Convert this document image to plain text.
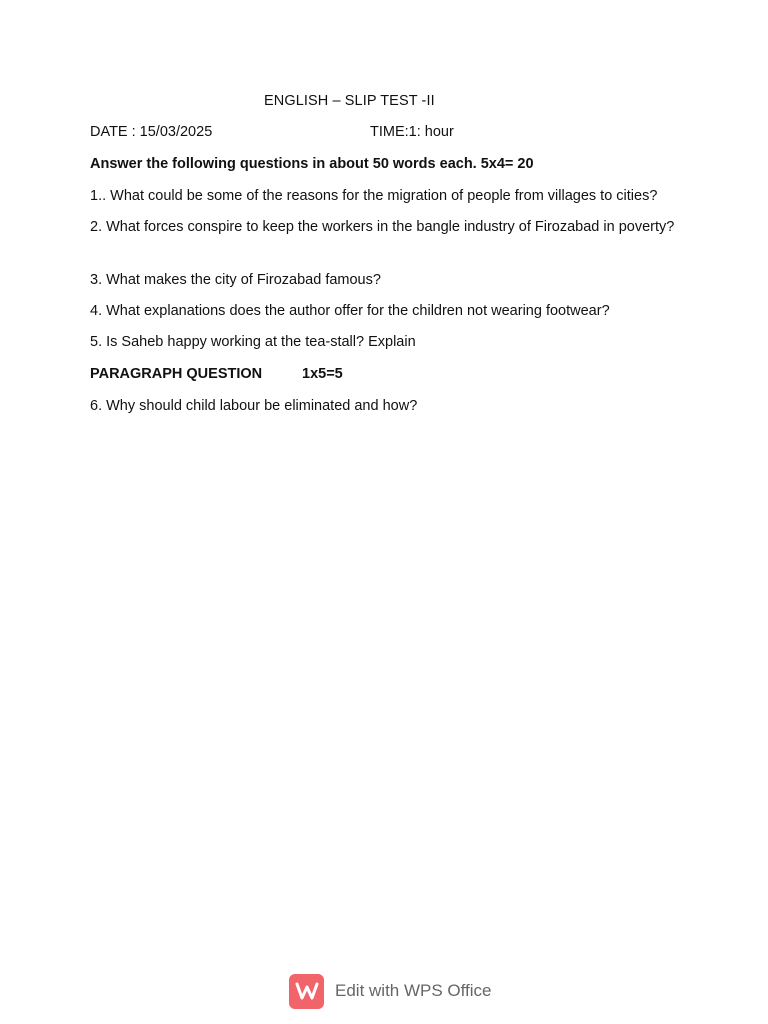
ENGLISH – SLIP TEST -II
DATE : 15/03/2025	TIME:1: hour
Answer the following questions in about 50 words each. 5x4= 20
1.. What could be some of the reasons for the migration of people from villages to cities?
2. What forces conspire to keep the workers in the bangle industry of Firozabad in poverty?
3. What makes the city of Firozabad famous?
4. What explanations does the author offer for the children not wearing footwear?
5. Is Saheb happy working at the tea-stall? Explain
PARAGRAPH QUESTION	1x5=5
6. Why should child labour be eliminated and how?
Edit with WPS Office
